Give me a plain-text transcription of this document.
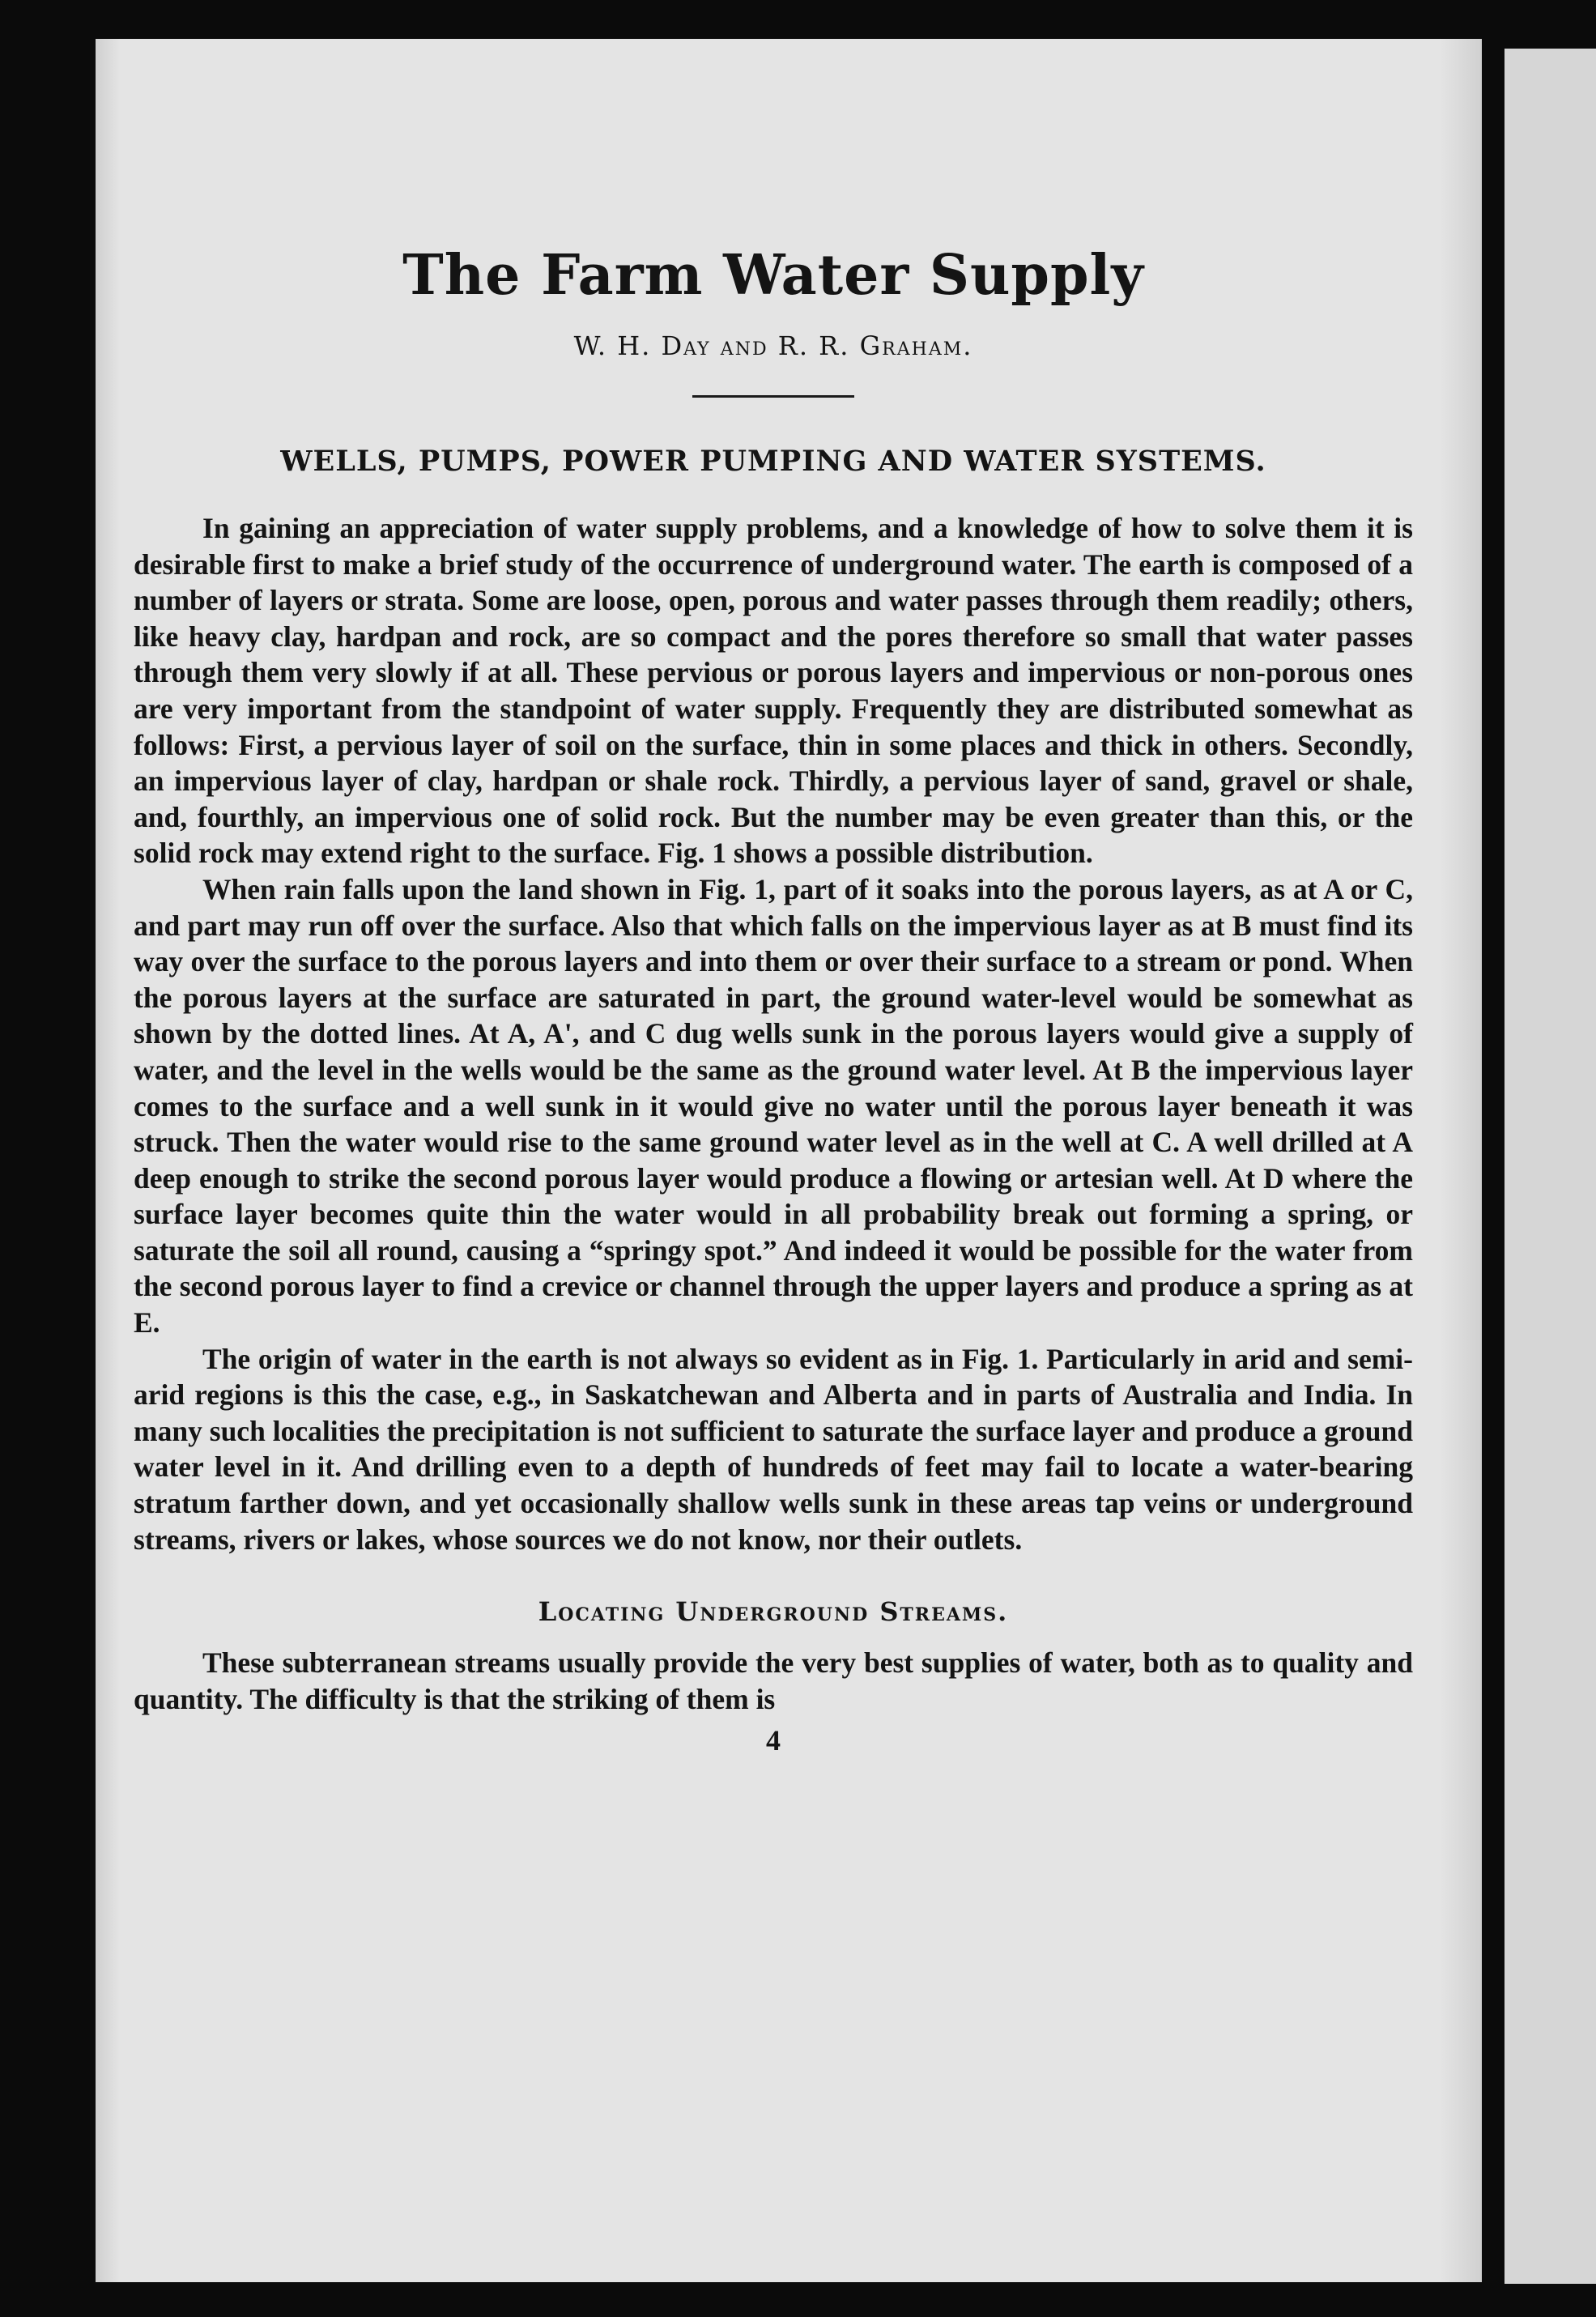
The Farm Water Supply
W. H. Day and R. R. Graham.
WELLS, PUMPS, POWER PUMPING AND WATER SYSTEMS.

In gaining an appreciation of water supply problems, and a knowledge of how to solve them it is desirable first to make a brief study of the occurrence of underground water. The earth is composed of a number of layers or strata. Some are loose, open, porous and water passes through them readily; others, like heavy clay, hardpan and rock, are so compact and the pores therefore so small that water passes through them very slowly if at all. These pervious or porous layers and impervious or non-porous ones are very important from the standpoint of water supply. Frequently they are distributed somewhat as follows: First, a pervious layer of soil on the surface, thin in some places and thick in others. Secondly, an impervious layer of clay, hardpan or shale rock. Thirdly, a pervious layer of sand, gravel or shale, and, fourthly, an impervious one of solid rock. But the number may be even greater than this, or the solid rock may extend right to the surface. Fig. 1 shows a possible distribution.

When rain falls upon the land shown in Fig. 1, part of it soaks into the porous layers, as at A or C, and part may run off over the surface. Also that which falls on the impervious layer as at B must find its way over the surface to the porous layers and into them or over their surface to a stream or pond. When the porous layers at the surface are saturated in part, the ground water-level would be somewhat as shown by the dotted lines. At A, A', and C dug wells sunk in the porous layers would give a supply of water, and the level in the wells would be the same as the ground water level. At B the impervious layer comes to the surface and a well sunk in it would give no water until the porous layer beneath it was struck. Then the water would rise to the same ground water level as in the well at C. A well drilled at A deep enough to strike the second porous layer would produce a flowing or artesian well. At D where the surface layer becomes quite thin the water would in all probability break out forming a spring, or saturate the soil all round, causing a “springy spot.” And indeed it would be possible for the water from the second porous layer to find a crevice or channel through the upper layers and produce a spring as at E.

The origin of water in the earth is not always so evident as in Fig. 1. Particularly in arid and semi-arid regions is this the case, e.g., in Saskatchewan and Alberta and in parts of Australia and India. In many such localities the precipitation is not sufficient to saturate the surface layer and produce a ground water level in it. And drilling even to a depth of hundreds of feet may fail to locate a water-bearing stratum farther down, and yet occasionally shallow wells sunk in these areas tap veins or underground streams, rivers or lakes, whose sources we do not know, nor their outlets.

Locating Underground Streams.

These subterranean streams usually provide the very best supplies of water, both as to quality and quantity. The difficulty is that the striking of them is

4
